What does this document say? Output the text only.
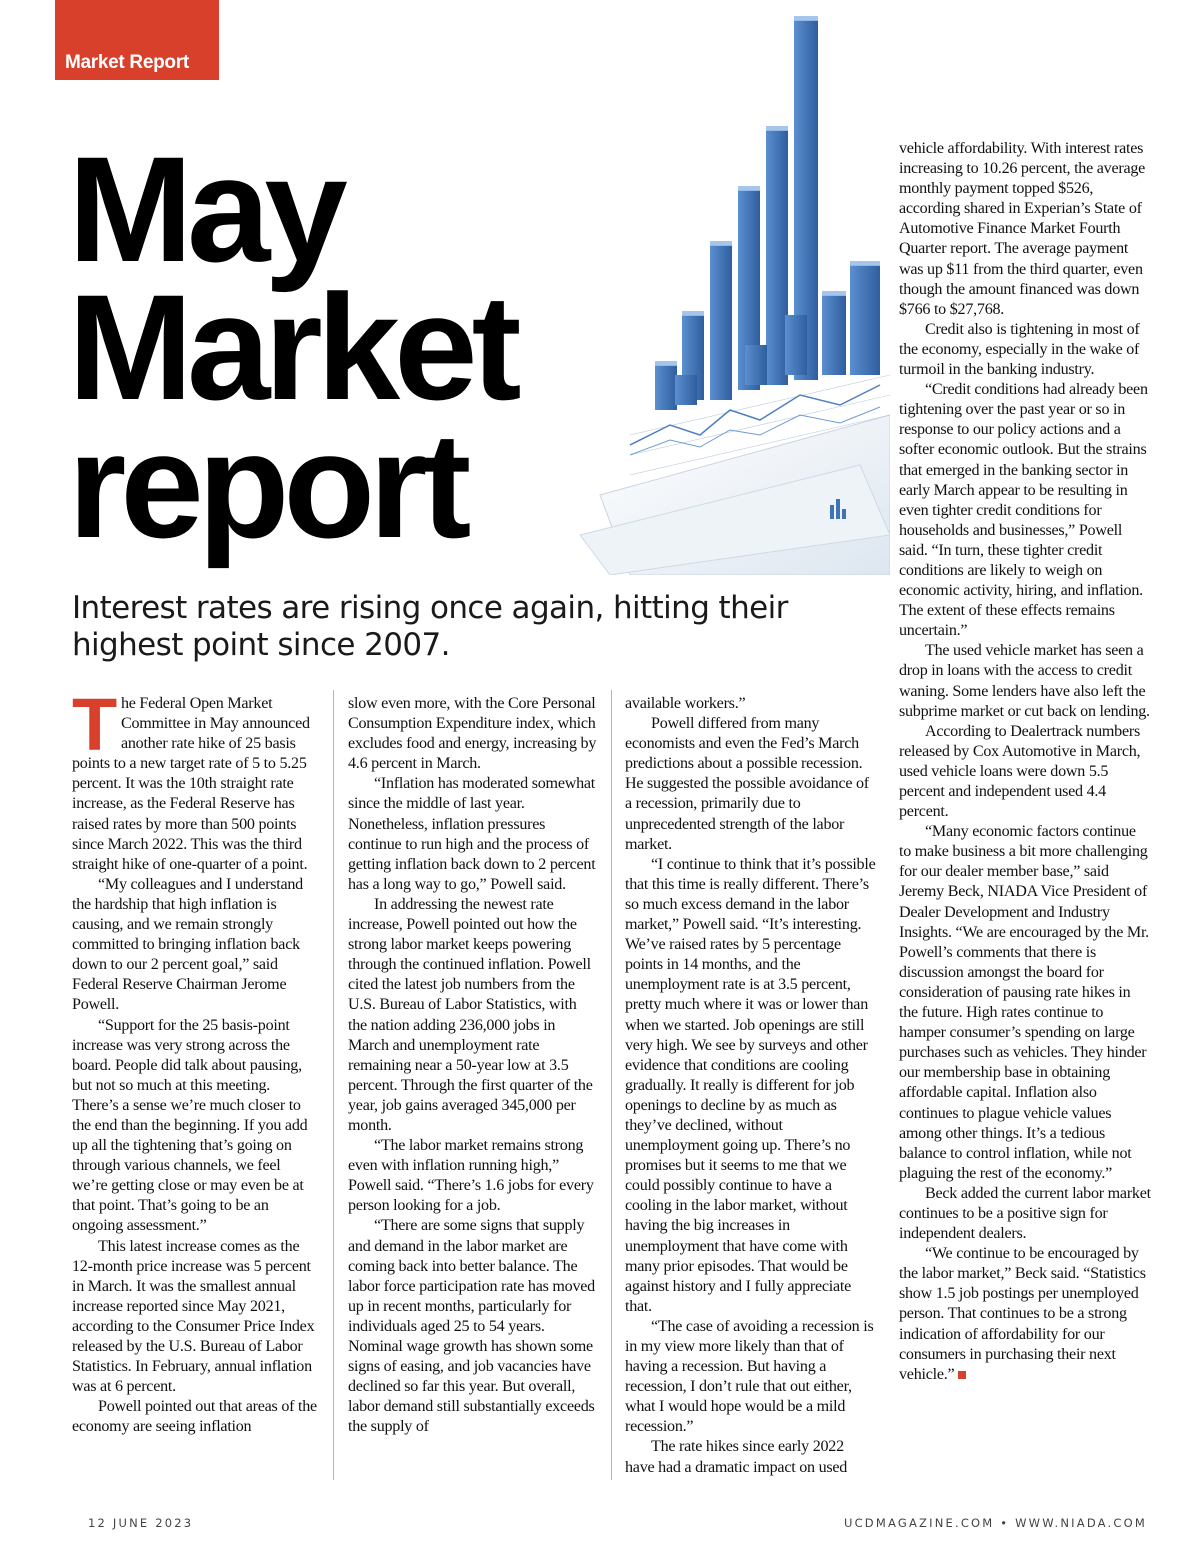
Market Report
May
Market
report
Interest rates are rising once again, hitting their highest point since 2007.

The Federal Open Market Committee in May announced another rate hike of 25 basis points to a new target rate of 5 to 5.25 percent. It was the 10th straight rate increase, as the Federal Reserve has raised rates by more than 500 points since March 2022. This was the third straight hike of one-quarter of a point.

“My colleagues and I understand the hardship that high inflation is causing, and we remain strongly committed to bringing inflation back down to our 2 percent goal,” said Federal Reserve Chairman Jerome Powell.

“Support for the 25 basis-point increase was very strong across the board. People did talk about pausing, but not so much at this meeting. There’s a sense we’re much closer to the end than the beginning. If you add up all the tightening that’s going on through various channels, we feel we’re getting close or may even be at that point. That’s going to be an ongoing assessment.”

This latest increase comes as the 12-month price increase was 5 percent in March. It was the smallest annual increase reported since May 2021, according to the Consumer Price Index released by the U.S. Bureau of Labor Statistics. In February, annual inflation was at 6 percent.

Powell pointed out that areas of the economy are seeing inflation

slow even more, with the Core Personal Consumption Expenditure index, which excludes food and energy, increasing by 4.6 percent in March.

“Inflation has moderated somewhat since the middle of last year. Nonetheless, inflation pressures continue to run high and the process of getting inflation back down to 2 percent has a long way to go,” Powell said.

In addressing the newest rate increase, Powell pointed out how the strong labor market keeps powering through the continued inflation. Powell cited the latest job numbers from the U.S. Bureau of Labor Statistics, with the nation adding 236,000 jobs in March and unemployment rate remaining near a 50-year low at 3.5 percent. Through the first quarter of the year, job gains averaged 345,000 per month.

“The labor market remains strong even with inflation running high,” Powell said. “There’s 1.6 jobs for every person looking for a job.

“There are some signs that supply and demand in the labor market are coming back into better balance. The labor force participation rate has moved up in recent months, particularly for individuals aged 25 to 54 years. Nominal wage growth has shown some signs of easing, and job vacancies have declined so far this year. But overall, labor demand still substantially exceeds the supply of

available workers.”

Powell differed from many economists and even the Fed’s March predictions about a possible recession. He suggested the possible avoidance of a recession, primarily due to unprecedented strength of the labor market.

“I continue to think that it’s possible that this time is really different. There’s so much excess demand in the labor market,” Powell said. “It’s interesting. We’ve raised rates by 5 percentage points in 14 months, and the unemployment rate is at 3.5 percent, pretty much where it was or lower than when we started. Job openings are still very high. We see by surveys and other evidence that conditions are cooling gradually. It really is different for job openings to decline by as much as they’ve declined, without unemployment going up. There’s no promises but it seems to me that we could possibly continue to have a cooling in the labor market, without having the big increases in unemployment that have come with many prior episodes. That would be against history and I fully appreciate that.

“The case of avoiding a recession is in my view more likely than that of having a recession. But having a recession, I don’t rule that out either, what I would hope would be a mild recession.”

The rate hikes since early 2022 have had a dramatic impact on used

vehicle affordability. With interest rates increasing to 10.26 percent, the average monthly payment topped $526, according shared in Experian’s State of Automotive Finance Market Fourth Quarter report. The average payment was up $11 from the third quarter, even though the amount financed was down $766 to $27,768.

Credit also is tightening in most of the economy, especially in the wake of turmoil in the banking industry.

“Credit conditions had already been tightening over the past year or so in response to our policy actions and a softer economic outlook. But the strains that emerged in the banking sector in early March appear to be resulting in even tighter credit conditions for households and businesses,” Powell said. “In turn, these tighter credit conditions are likely to weigh on economic activity, hiring, and inflation. The extent of these effects remains uncertain.”

The used vehicle market has seen a drop in loans with the access to credit waning. Some lenders have also left the subprime market or cut back on lending.

According to Dealertrack numbers released by Cox Automotive in March, used vehicle loans were down 5.5 percent and independent used 4.4 percent.

“Many economic factors continue to make business a bit more challenging for our dealer member base,” said Jeremy Beck, NIADA Vice President of Dealer Development and Industry Insights. “We are encouraged by the Mr. Powell’s comments that there is discussion amongst the board for consideration of pausing rate hikes in the future. High rates continue to hamper consumer’s spending on large purchases such as vehicles. They hinder our membership base in obtaining affordable capital. Inflation also continues to plague vehicle values among other things. It’s a tedious balance to control inflation, while not plaguing the rest of the economy.”

Beck added the current labor market continues to be a positive sign for independent dealers.

“We continue to be encouraged by the labor market,” Beck said. “Statistics show 1.5 job postings per unemployed person. That continues to be a strong indication of affordability for our consumers in purchasing their next vehicle.”

12 JUNE 2023	UCDMAGAZINE.COM • WWW.NIADA.COM
